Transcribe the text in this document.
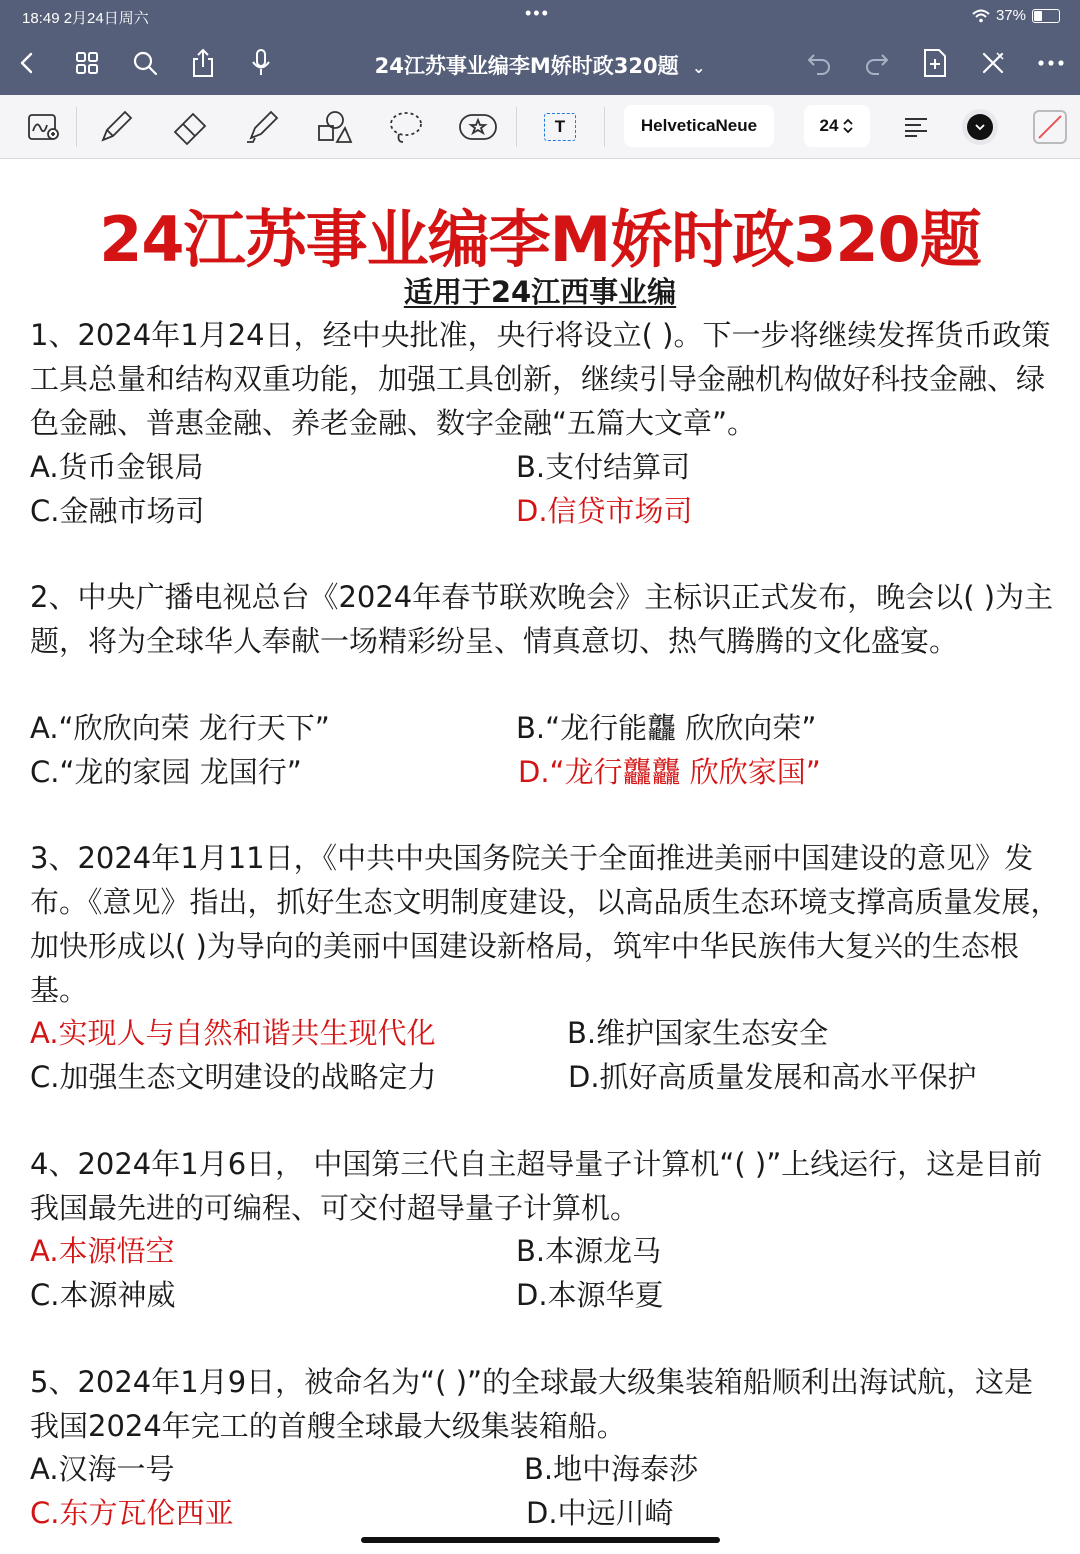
18:49 2月24日周六	•••	37%
24江苏事业编李M娇时政320题 ⌄
T	HelveticaNeue	24
24江苏事业编李M娇时政320题
适用于24江西事业编
1、2024年1月24日，经中央批准，央行将设立( )。下一步将继续发挥货币政策工具总量和结构双重功能，加强工具创新，继续引导金融机构做好科技金融、绿色金融、普惠金融、养老金融、数字金融“五篇大文章”。
A.货币金银局	B.支付结算司
C.金融市场司	D.信贷市场司
2、中央广播电视总台《2024年春节联欢晚会》主标识正式发布，晚会以( )为主题，将为全球华人奉献一场精彩纷呈、情真意切、热气腾腾的文化盛宴。
A.“欣欣向荣 龙行天下”	B.“龙行能龘 欣欣向荣”
C.“龙的家园 龙国行”	D.“龙行龘龘 欣欣家国”
3、2024年1月11日，《中共中央国务院关于全面推进美丽中国建设的意见》发布。《意见》指出，抓好生态文明制度建设，以高品质生态环境支撑高质量发展，加快形成以( )为导向的美丽中国建设新格局，筑牢中华民族伟大复兴的生态根基。
A.实现人与自然和谐共生现代化	B.维护国家生态安全
C.加强生态文明建设的战略定力	D.抓好高质量发展和高水平保护
4、2024年1月6日， 中国第三代自主超导量子计算机“( )”上线运行，这是目前我国最先进的可编程、可交付超导量子计算机。
A.本源悟空	B.本源龙马
C.本源神威	D.本源华夏
5、2024年1月9日，被命名为“( )”的全球最大级集装箱船顺利出海试航，这是我国2024年完工的首艘全球最大级集装箱船。
A.汉海一号	B.地中海泰莎
C.东方瓦伦西亚	D.中远川崎
